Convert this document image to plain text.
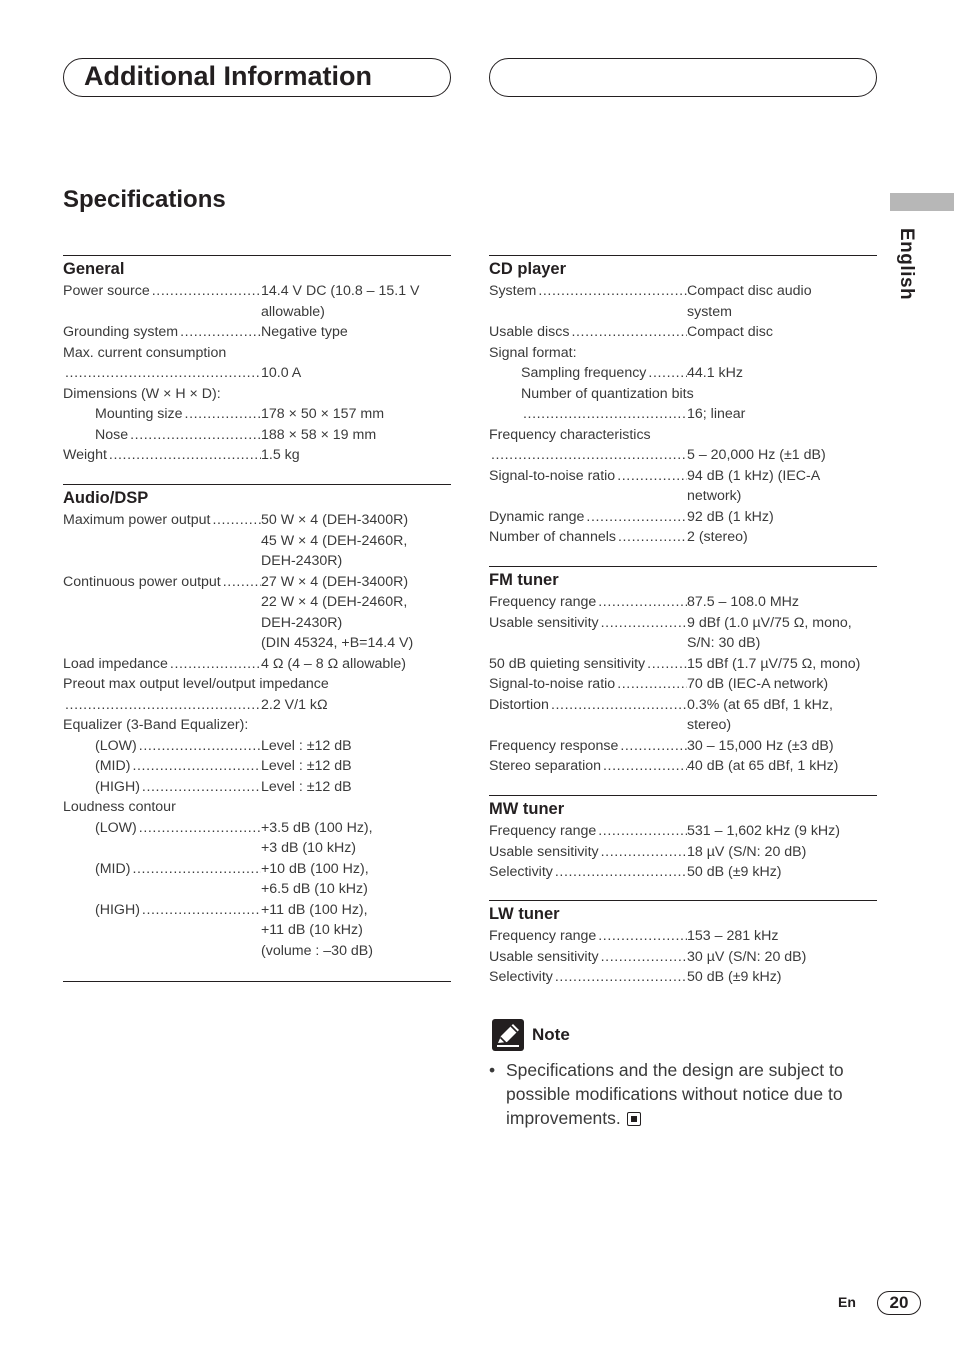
Additional Information
Specifications
English
General
Power source .....	14.4 V DC (10.8 – 15.1 V
allowable)
Grounding system .....	Negative type
Max. current consumption
.....
10.0 A
Dimensions (W × H × D):
Mounting size .....	178 × 50 × 157 mm
Nose .....	188 × 58 × 19 mm
Weight .....	1.5 kg
Audio/DSP
Maximum power output .....	50 W × 4 (DEH-3400R)
45 W × 4 (DEH-2460R,
DEH-2430R)
Continuous power output .....	27 W × 4 (DEH-3400R)
22 W × 4 (DEH-2460R,
DEH-2430R)
(DIN 45324, +B=14.4 V)
Load impedance .....	4 Ω (4 – 8 Ω allowable)
Preout max output level/output impedance
.....
2.2 V/1 kΩ
Equalizer (3-Band Equalizer):
(LOW) .....	Level : ±12 dB
(MID) .....	Level : ±12 dB
(HIGH) .....	Level : ±12 dB
Loudness contour
(LOW) .....	+3.5 dB (100 Hz),
+3 dB (10 kHz)
(MID) .....	+10 dB (100 Hz),
+6.5 dB (10 kHz)
(HIGH) .....	+11 dB (100 Hz),
+11 dB (10 kHz)
(volume : –30 dB)
CD player
System .....	Compact disc audio
system
Usable discs .....	Compact disc
Signal format:
Sampling frequency .....	44.1 kHz
Number of quantization bits
.....
16; linear
Frequency characteristics
.....
5 – 20,000 Hz (±1 dB)
Signal-to-noise ratio .....	94 dB (1 kHz) (IEC-A
network)
Dynamic range .....	92 dB (1 kHz)
Number of channels .....	2 (stereo)
FM tuner
Frequency range .....	87.5 – 108.0 MHz
Usable sensitivity .....	9 dBf (1.0 µV/75 Ω, mono,
S/N: 30 dB)
50 dB quieting sensitivity .....	15 dBf (1.7 µV/75 Ω, mono)
Signal-to-noise ratio .....	70 dB (IEC-A network)
Distortion .....	0.3% (at 65 dBf, 1 kHz,
stereo)
Frequency response .....	30 – 15,000 Hz (±3 dB)
Stereo separation .....	40 dB (at 65 dBf, 1 kHz)
MW tuner
Frequency range .....	531 – 1,602 kHz (9 kHz)
Usable sensitivity .....	18 µV (S/N: 20 dB)
Selectivity .....	50 dB (±9 kHz)
LW tuner
Frequency range .....	153 – 281 kHz
Usable sensitivity .....	30 µV (S/N: 20 dB)
Selectivity .....	50 dB (±9 kHz)
Note
• Specifications and the design are subject to possible modifications without notice due to improvements.
En	20
